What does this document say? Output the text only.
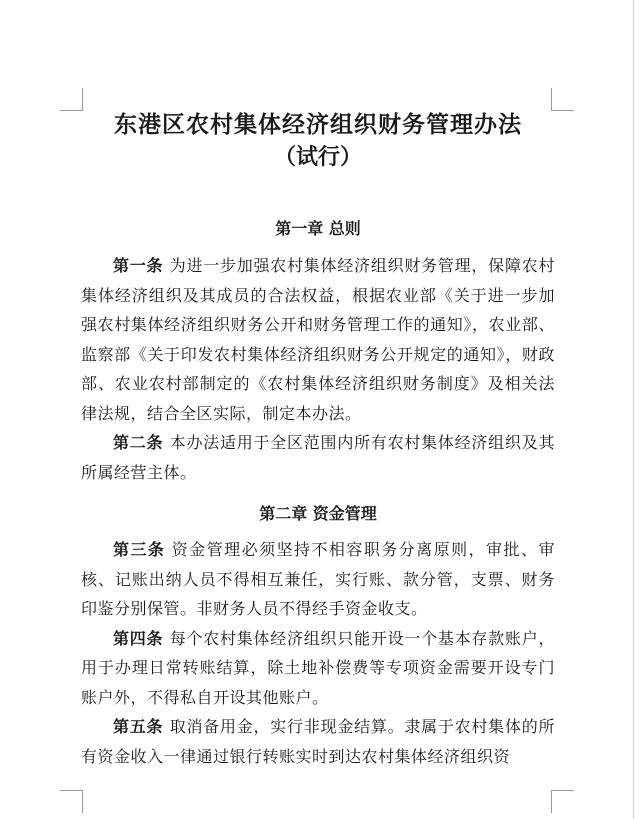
东港区农村集体经济组织财务管理办法
（试行）
第一章 总则

第一条 为进一步加强农村集体经济组织财务管理，保障农村集体经济组织及其成员的合法权益，根据农业部《关于进一步加强农村集体经济组织财务公开和财务管理工作的通知》，农业部、监察部《关于印发农村集体经济组织财务公开规定的通知》，财政部、农业农村部制定的《农村集体经济组织财务制度》及相关法律法规，结合全区实际，制定本办法。

第二条 本办法适用于全区范围内所有农村集体经济组织及其所属经营主体。

第二章 资金管理

第三条 资金管理必须坚持不相容职务分离原则，审批、审核、记账出纳人员不得相互兼任，实行账、款分管，支票、财务印鉴分别保管。非财务人员不得经手资金收支。

第四条 每个农村集体经济组织只能开设一个基本存款账户，用于办理日常转账结算，除土地补偿费等专项资金需要开设专门账户外，不得私自开设其他账户。

第五条 取消备用金，实行非现金结算。隶属于农村集体的所有资金收入一律通过银行转账实时到达农村集体经济组织资
